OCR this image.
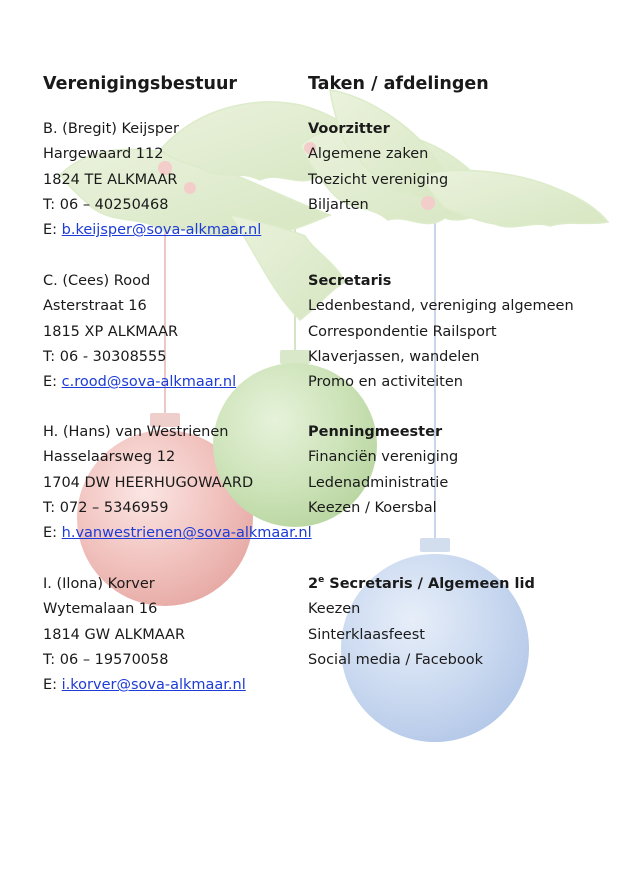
Verenigingsbestuur	Taken / afdelingen
B. (Bregit) Keijsper
Hargewaard 112
1824 TE ALKMAAR
T: 06 – 40250468
E: b.keijsper@sova-alkmaar.nl
Voorzitter
Algemene zaken
Toezicht vereniging
Biljarten
C. (Cees) Rood
Asterstraat 16
1815 XP ALKMAAR
T: 06 - 30308555
E: c.rood@sova-alkmaar.nl
Secretaris
Ledenbestand, vereniging algemeen
Correspondentie Railsport
Klaverjassen, wandelen
Promo en activiteiten
H. (Hans) van Westrienen
Hasselaarsweg 12
1704 DW HEERHUGOWAARD
T: 072 – 5346959
E: h.vanwestrienen@sova-alkmaar.nl
Penningmeester
Financiën vereniging
Ledenadministratie
Keezen / Koersbal
I. (Ilona) Korver
Wytemalaan 16
1814 GW ALKMAAR
T: 06 – 19570058
E: i.korver@sova-alkmaar.nl
2e Secretaris / Algemeen lid
Keezen
Sinterklaasfeest
Social media / Facebook
